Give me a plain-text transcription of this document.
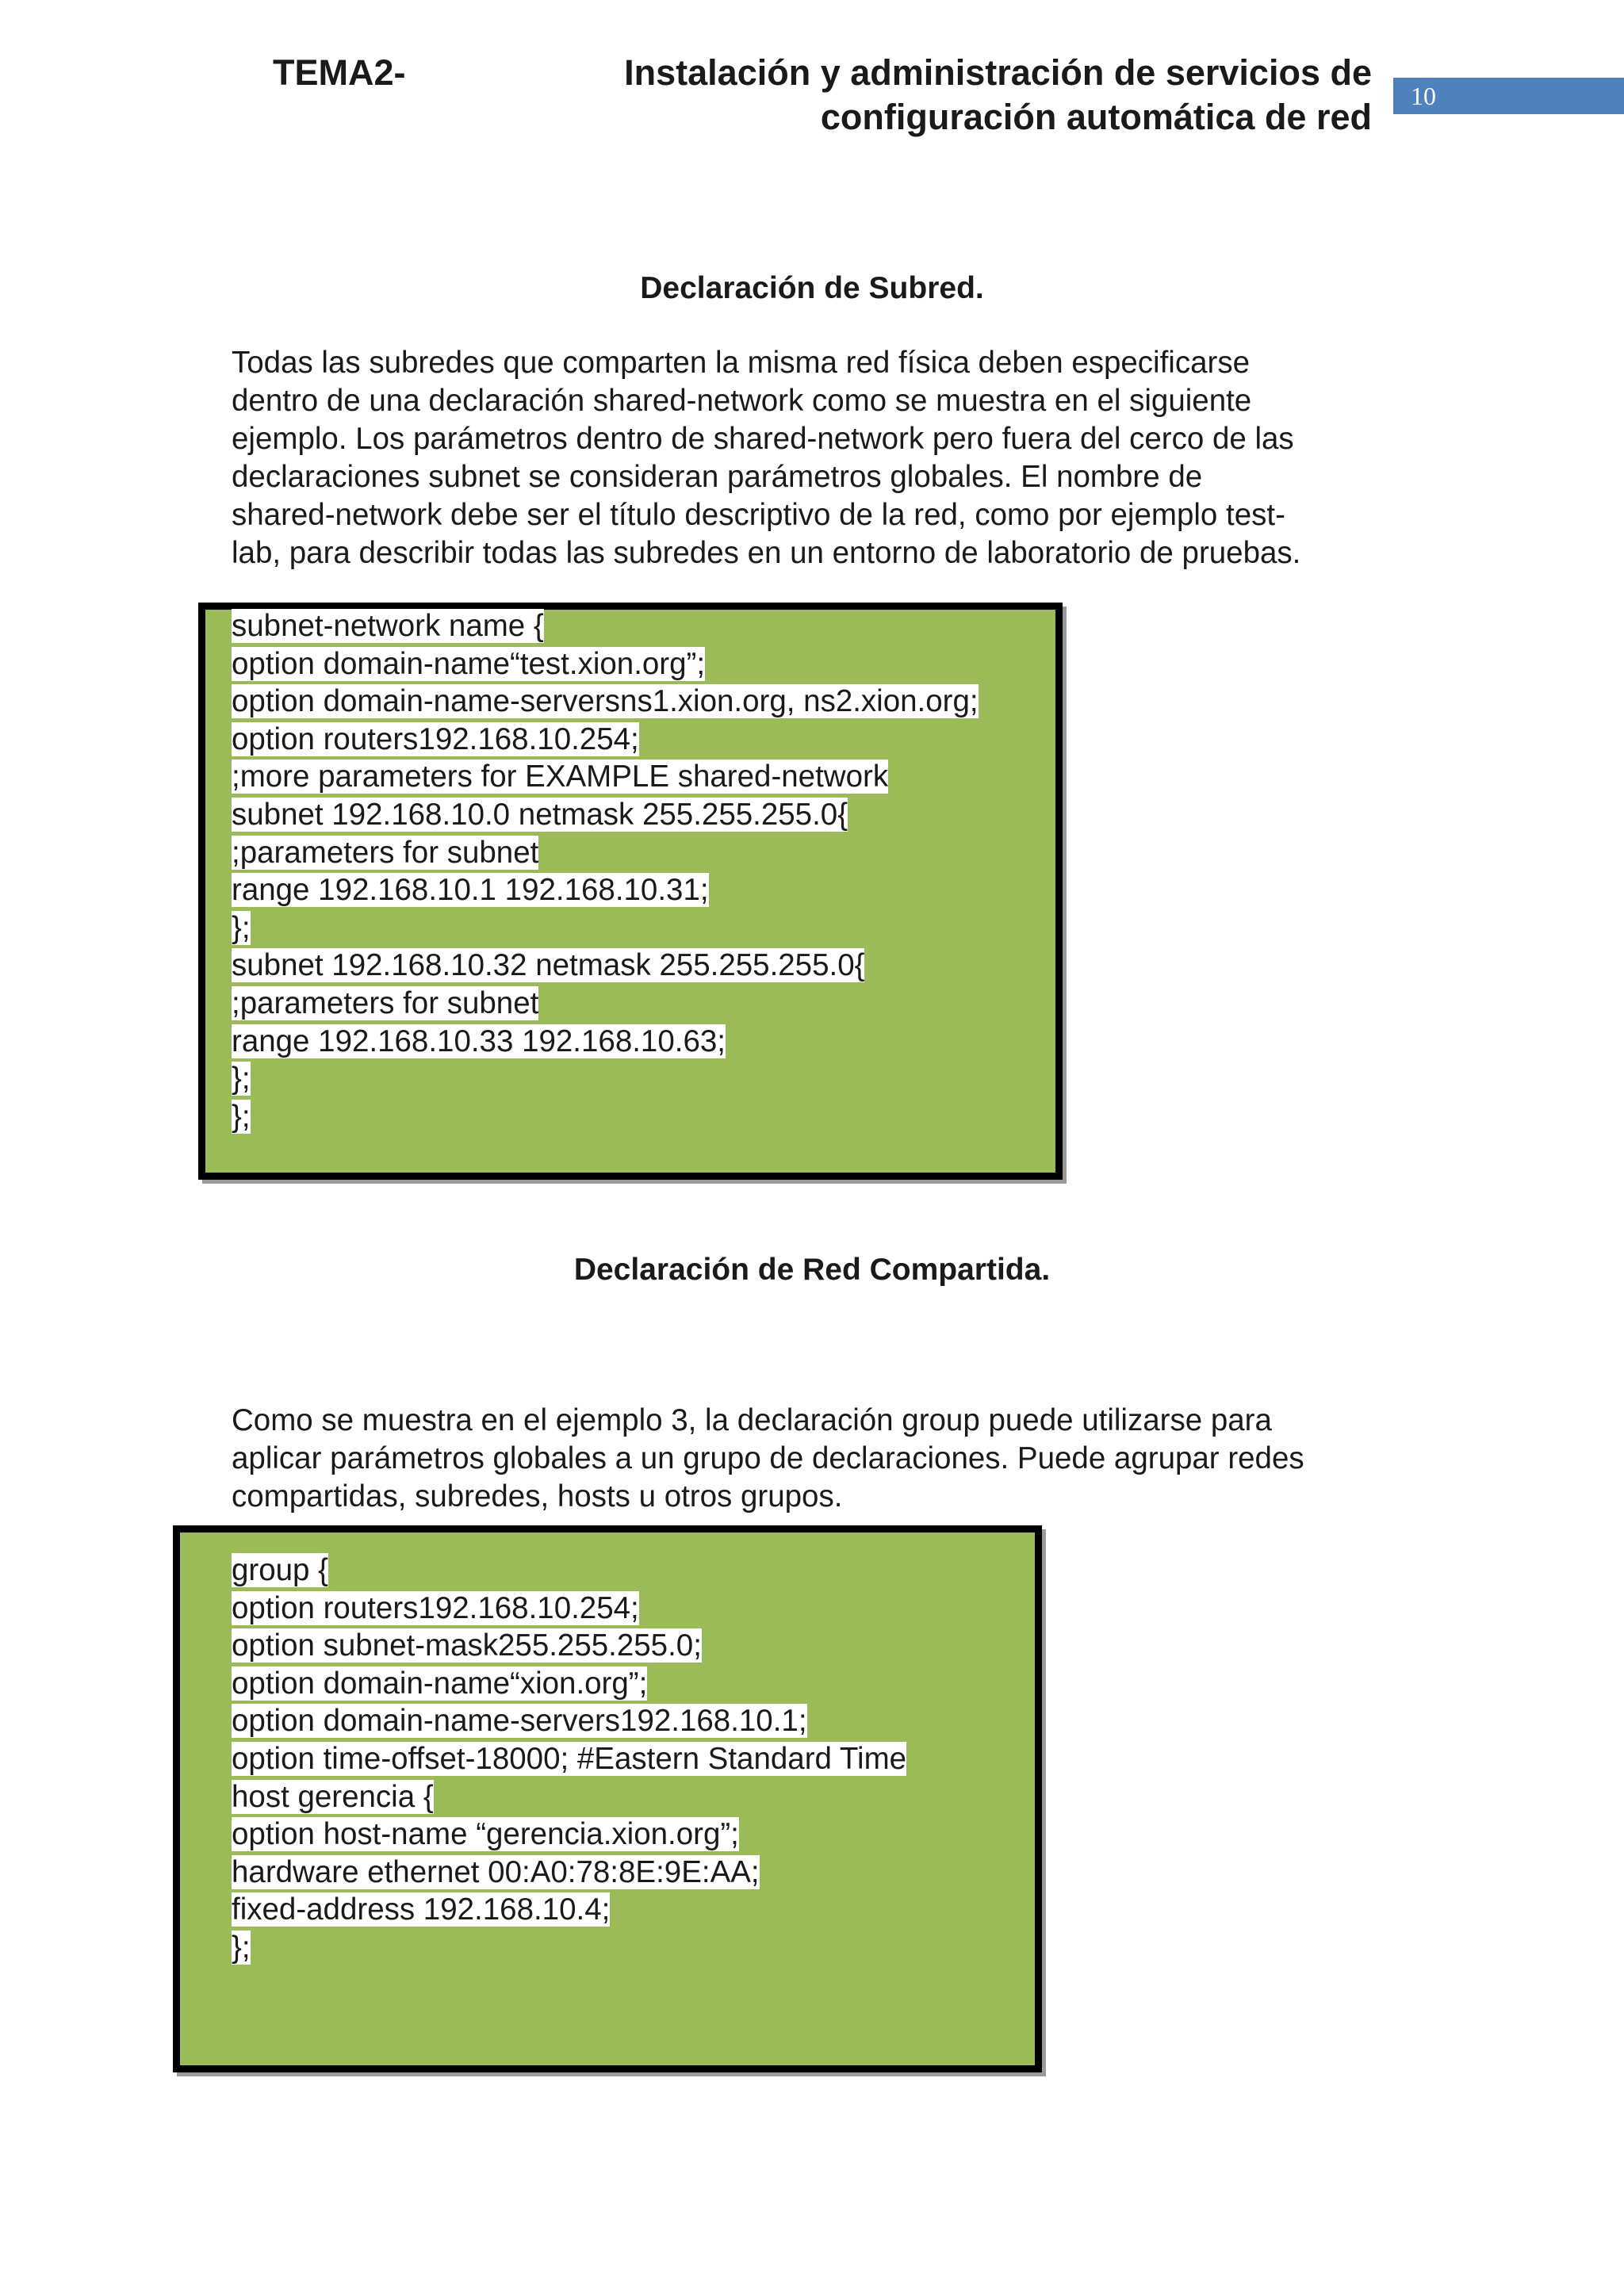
TEMA2-	Instalación y administración de servicios de
configuración automática de red
10
Declaración de Subred.
Todas las subredes que comparten la misma red física deben especificarse
dentro de una declaración shared-network como se muestra en el siguiente
ejemplo. Los parámetros dentro de shared-network pero fuera del cerco de las
declaraciones subnet se consideran parámetros globales. El nombre de
shared-network debe ser el título descriptivo de la red, como por ejemplo test-
lab, para describir todas las subredes en un entorno de laboratorio de pruebas.
subnet-network name {
option domain-name“test.xion.org”;
option domain-name-serversns1.xion.org, ns2.xion.org;
option routers192.168.10.254;
;more parameters for EXAMPLE shared-network
subnet 192.168.10.0 netmask 255.255.255.0{
;parameters for subnet
range 192.168.10.1 192.168.10.31;
};
subnet 192.168.10.32 netmask 255.255.255.0{
;parameters for subnet
range 192.168.10.33 192.168.10.63;
};
};
Declaración de Red Compartida.
Como se muestra en el ejemplo 3, la declaración group puede utilizarse para
aplicar parámetros globales a un grupo de declaraciones. Puede agrupar redes
compartidas, subredes, hosts u otros grupos.
group {
option routers192.168.10.254;
option subnet-mask255.255.255.0;
option domain-name“xion.org”;
option domain-name-servers192.168.10.1;
option time-offset-18000; #Eastern Standard Time
host gerencia {
option host-name “gerencia.xion.org”;
hardware ethernet 00:A0:78:8E:9E:AA;
fixed-address 192.168.10.4;
};
